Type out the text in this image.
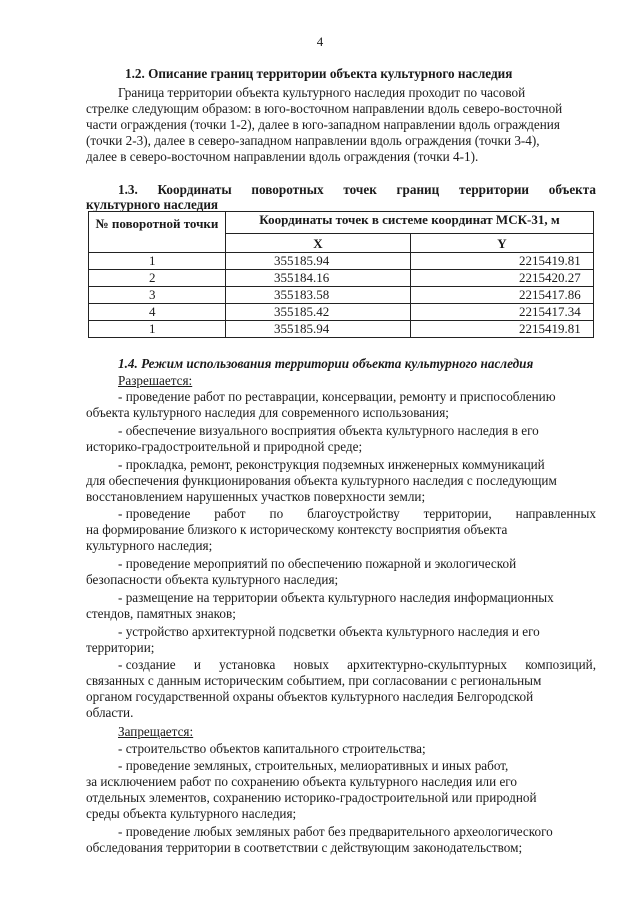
4
1.2. Описание границ территории объекта культурного наследия
Граница территории объекта культурного наследия проходит по часовой
стрелке следующим образом: в юго-восточном направлении вдоль северо-восточной
части ограждения (точки 1-2), далее в юго-западном направлении вдоль ограждения
(точки 2-3), далее в северо-западном направлении вдоль ограждения (точки 3-4),
далее в северо-восточном направлении вдоль ограждения (точки 4-1).
1.3. Координаты поворотных точек границ территории объекта
культурного наследия
№ поворотной точки	Координаты точек в системе координат МСК-31, м	
	X	Y
1	355185.94	2215419.81
2	355184.16	2215420.27
3	355183.58	2215417.86
4	355185.42	2215417.34
1	355185.94	2215419.81
1.4. Режим использования территории объекта культурного наследия
Разрешается:
- проведение работ по реставрации, консервации, ремонту и приспособлению
объекта культурного наследия для современного использования;
- обеспечение визуального восприятия объекта культурного наследия в его
историко-градостроительной и природной среде;
- прокладка, ремонт, реконструкция подземных инженерных коммуникаций
для обеспечения функционирования объекта культурного наследия с последующим
восстановлением нарушенных участков поверхности земли;
- проведение работ по благоустройству территории, направленных
на формирование близкого к историческому контексту восприятия объекта
культурного наследия;
- проведение мероприятий по обеспечению пожарной и экологической
безопасности объекта культурного наследия;
- размещение на территории объекта культурного наследия информационных
стендов, памятных знаков;
- устройство архитектурной подсветки объекта культурного наследия и его
территории;
- создание и установка новых архитектурно-скульптурных композиций,
связанных с данным историческим событием, при согласовании с региональным
органом государственной охраны объектов культурного наследия Белгородской
области.
Запрещается:
- строительство объектов капитального строительства;
- проведение земляных, строительных, мелиоративных и иных работ,
за исключением работ по сохранению объекта культурного наследия или его
отдельных элементов, сохранению историко-градостроительной или природной
среды объекта культурного наследия;
- проведение любых земляных работ без предварительного археологического
обследования территории в соответствии с действующим законодательством;
